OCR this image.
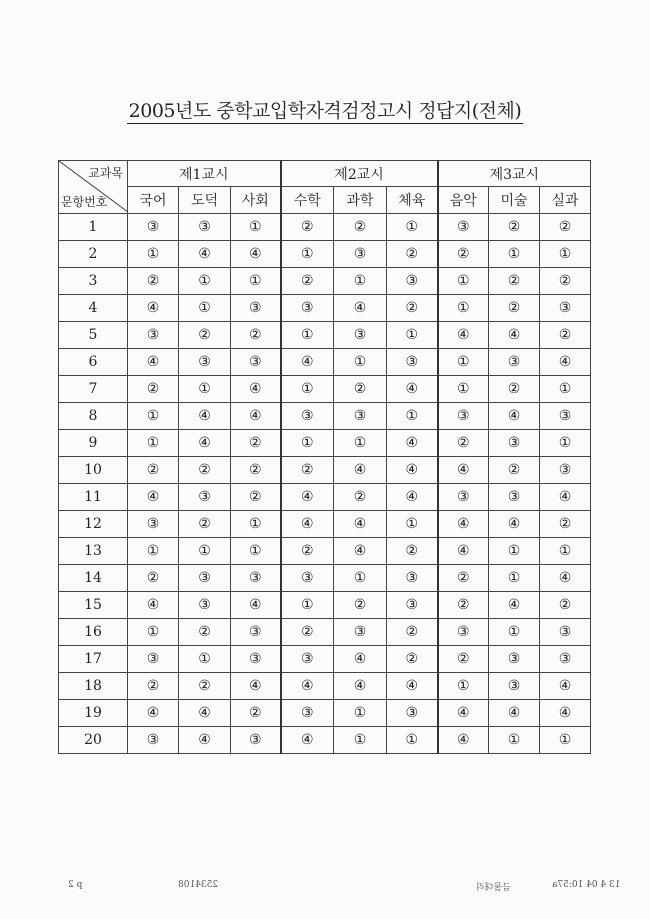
2005년도 중학교입학자격검정고시 정답지(전체)
교과목
문항번호	제1교시			제2교시			제3교시		
	국어	도덕	사회	수학	과학	체육	음악	미술	실과
1	③	③	①	②	②	①	③	②	②
2	①	④	④	①	③	②	②	①	①
3	②	①	①	②	①	③	①	②	②
4	④	①	③	③	④	②	①	②	③
5	③	②	②	①	③	①	④	④	②
6	④	③	③	④	①	③	①	③	④
7	②	①	④	①	②	④	①	②	①
8	①	④	④	③	③	①	③	④	③
9	①	④	②	①	①	④	②	③	①
10	②	②	②	②	④	④	④	②	③
11	④	③	②	④	②	④	③	③	④
12	③	②	①	④	④	①	④	④	②
13	①	①	①	②	④	②	④	①	①
14	②	③	③	③	①	③	②	①	④
15	④	③	④	①	②	③	②	④	②
16	①	②	③	②	③	②	③	①	③
17	③	①	③	③	④	②	②	③	③
18	②	②	④	④	④	④	①	③	④
19	④	④	②	③	①	③	④	④	④
20	③	④	③	④	①	①	④	①	①
p 2	2534108	금물대리	13 4 04 10:57a
